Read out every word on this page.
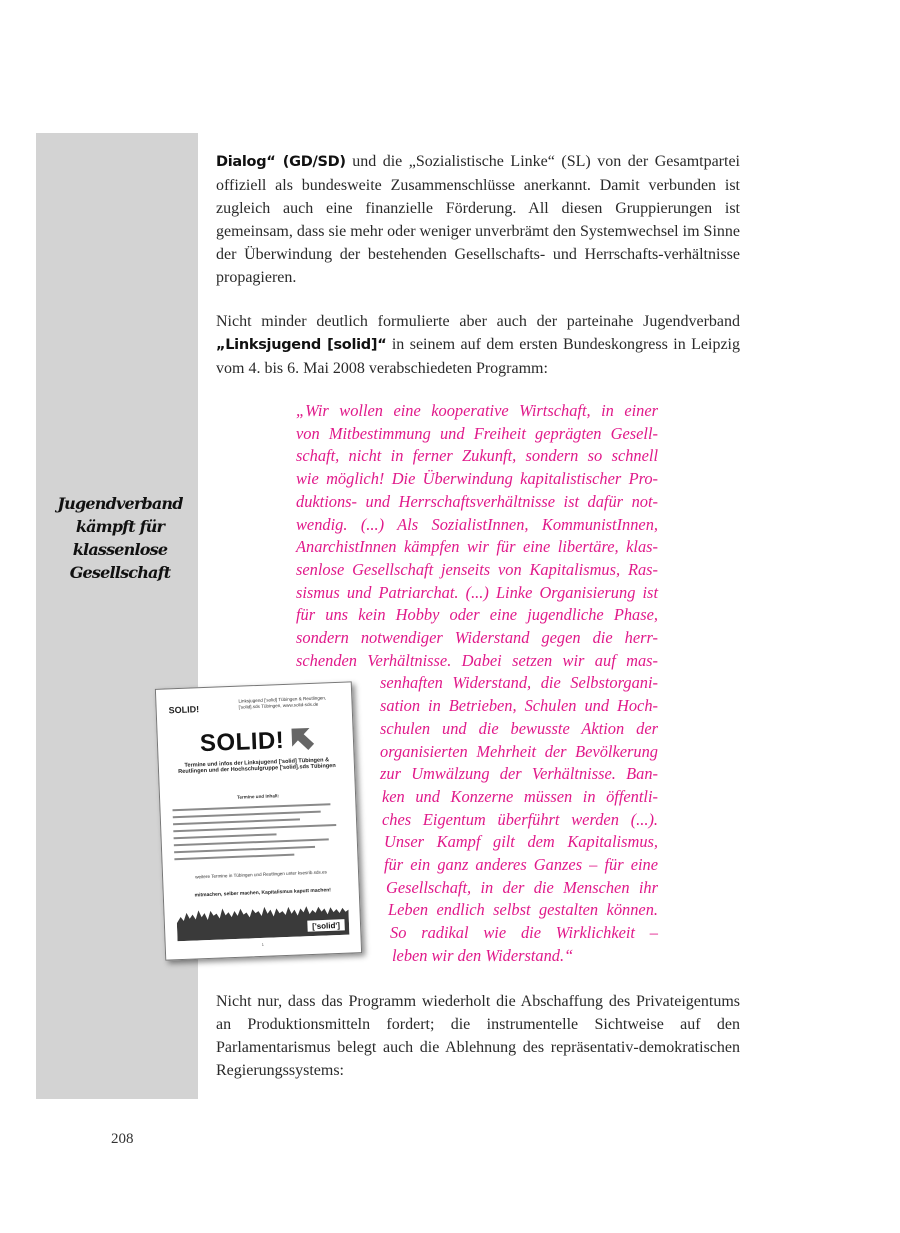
Jugendverband
kämpft für
klassenlose
Gesellschaft
Dialog“ (GD/SD) und die „Sozialistische Linke“ (SL) von der Gesamtpartei offiziell als bundesweite Zusammenschlüsse anerkannt. Damit verbunden ist zugleich auch eine finanzielle Förderung. All diesen Gruppierungen ist gemeinsam, dass sie mehr oder weniger unverbrämt den Systemwechsel im Sinne der Überwindung der bestehenden Gesellschafts- und Herrschafts-verhältnisse propagieren.
Nicht minder deutlich formulierte aber auch der parteinahe Jugendverband „Linksjugend [solid]“ in seinem auf dem ersten Bundeskongress in Leipzig vom 4. bis 6. Mai 2008 verabschiedeten Programm:
„Wir wollen eine kooperative Wirtschaft, in einer
von Mitbestimmung und Freiheit geprägten Gesell-
schaft, nicht in ferner Zukunft, sondern so schnell
wie möglich! Die Überwindung kapitalistischer Pro-
duktions- und Herrschaftsverhältnisse ist dafür not-
wendig. (...) Als SozialistInnen, KommunistInnen,
AnarchistInnen kämpfen wir für eine libertäre, klas-
senlose Gesellschaft jenseits von Kapitalismus, Ras-
sismus und Patriarchat. (...) Linke Organisierung ist
für uns kein Hobby oder eine jugendliche Phase,
sondern notwendiger Widerstand gegen die herr-
schenden Verhältnisse. Dabei setzen wir auf mas-
senhaften Widerstand, die Selbstorgani-
sation in Betrieben, Schulen und Hoch-
schulen und die bewusste Aktion der
organisierten Mehrheit der Bevölkerung
zur Umwälzung der Verhältnisse. Ban-
ken und Konzerne müssen in öffentli-
ches Eigentum überführt werden (...).
Unser Kampf gilt dem Kapitalismus,
für ein ganz anderes Ganzes – für eine
Gesellschaft, in der die Menschen ihr
Leben endlich selbst gestalten können.
So radikal wie die Wirklichkeit –
leben wir den Widerstand.“
SOLID!
Linksjugend ['solid] Tübingen & Reutlingen, ['solid].sds Tübingen, www.solid-sds.de
SOLID!
Termine und infos der Linksjugend ['solid] Tübingen & Reutlingen und der Hochschulgruppe ['solid].sds Tübingen
Termine und Inhalt:
weitere Termine in Tübingen und Reutlingen unter ksesrib.sds.es
mitmachen, selber machen, Kapitalismus kaputt machen!
['solid']
1
Nicht nur, dass das Programm wiederholt die Abschaffung des Privateigentums an Produktionsmitteln fordert; die instrumentelle Sichtweise auf den Parlamentarismus belegt auch die Ablehnung des repräsentativ-demokratischen Regierungssystems:
208
